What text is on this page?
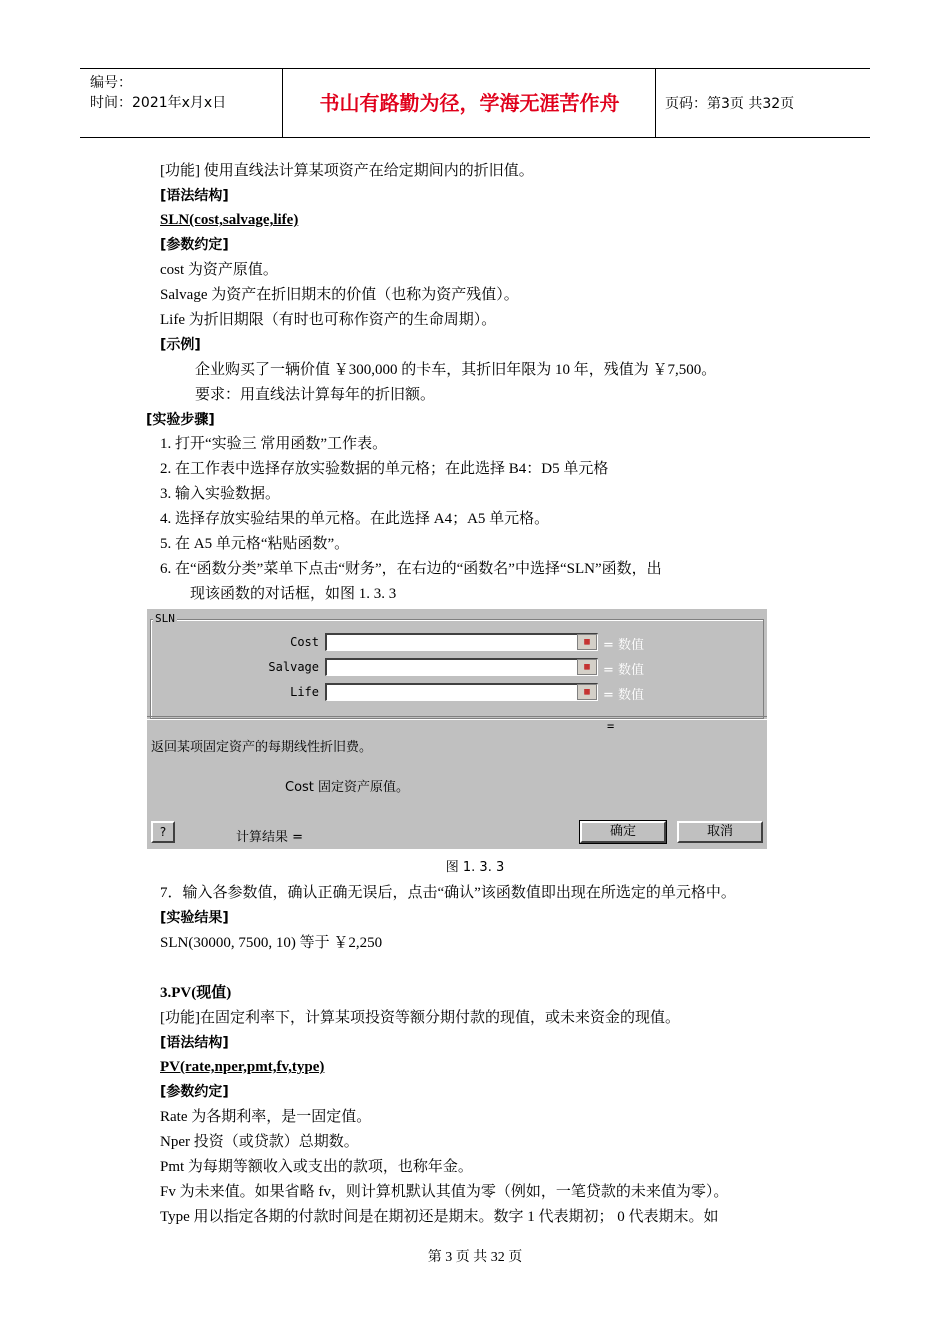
编号：
时间：2021年x月x日	书山有路勤为径，学海无涯苦作舟	页码：第3页 共32页
[功能] 使用直线法计算某项资产在给定期间内的折旧值。
[语法结构]
SLN(cost,salvage,life)
[参数约定]
cost 为资产原值。
Salvage 为资产在折旧期末的价值（也称为资产残值）。
Life 为折旧期限（有时也可称作资产的生命周期）。
[示例]
企业购买了一辆价值 ￥300,000 的卡车，其折旧年限为 10 年，残值为 ￥7,500。
要求：用直线法计算每年的折旧额。
[实验步骤]
1. 打开“实验三 常用函数”工作表。
2. 在工作表中选择存放实验数据的单元格；在此选择 B4：D5 单元格
3. 输入实验数据。
4. 选择存放实验结果的单元格。在此选择 A4；A5 单元格。
5. 在 A5 单元格“粘贴函数”。
6. 在“函数分类”菜单下点击“财务”，在右边的“函数名”中选择“SLN”函数，出
现该函数的对话框，如图 1. 3. 3
SLN
Cost	▦	= 数值
Salvage	▦	= 数值
Life	▦	= 数值
=
返回某项固定资产的每期线性折旧费。
Cost 固定资产原值。
?	计算结果 =	确定	取消
图 1. 3. 3
7．输入各参数值，确认正确无误后，点击“确认”该函数值即出现在所选定的单元格中。
[实验结果]
SLN(30000, 7500, 10) 等于 ￥2,250
3.PV(现值)
[功能]在固定利率下，计算某项投资等额分期付款的现值，或未来资金的现值。
[语法结构]
PV(rate,nper,pmt,fv,type)
[参数约定]
Rate 为各期利率，是一固定值。
Nper 投资（或贷款）总期数。
Pmt 为每期等额收入或支出的款项，也称年金。
Fv 为未来值。如果省略 fv，则计算机默认其值为零（例如，一笔贷款的未来值为零）。
Type 用以指定各期的付款时间是在期初还是期末。数字 1 代表期初； 0 代表期末。如
第 3 页 共 32 页
